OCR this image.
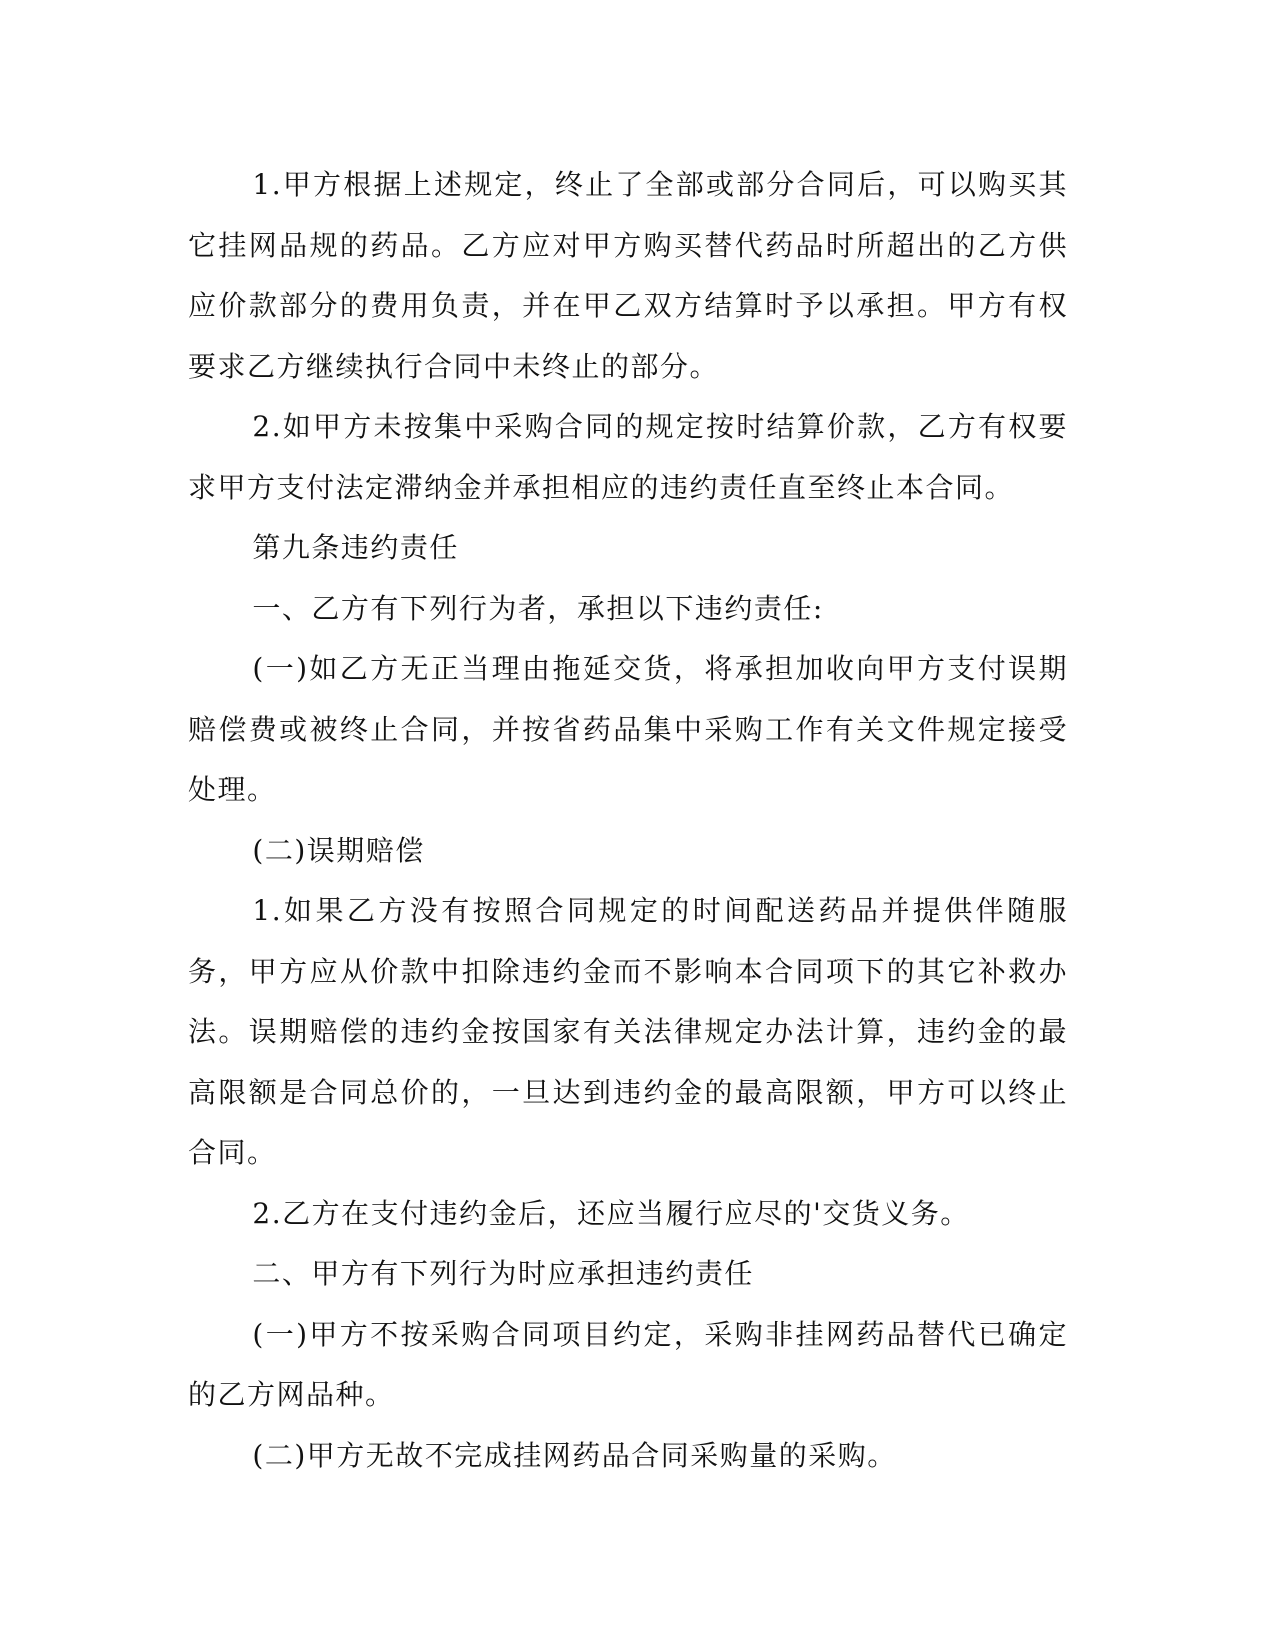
1.甲方根据上述规定，终止了全部或部分合同后，可以购买其它挂网品规的药品。乙方应对甲方购买替代药品时所超出的乙方供应价款部分的费用负责，并在甲乙双方结算时予以承担。甲方有权要求乙方继续执行合同中未终止的部分。

2.如甲方未按集中采购合同的规定按时结算价款，乙方有权要求甲方支付法定滞纳金并承担相应的违约责任直至终止本合同。

第九条违约责任

一、乙方有下列行为者，承担以下违约责任:

(一)如乙方无正当理由拖延交货，将承担加收向甲方支付误期赔偿费或被终止合同，并按省药品集中采购工作有关文件规定接受处理。

(二)误期赔偿

1.如果乙方没有按照合同规定的时间配送药品并提供伴随服务，甲方应从价款中扣除违约金而不影响本合同项下的其它补救办法。误期赔偿的违约金按国家有关法律规定办法计算，违约金的最高限额是合同总价的，一旦达到违约金的最高限额，甲方可以终止合同。

2.乙方在支付违约金后，还应当履行应尽的'交货义务。

二、甲方有下列行为时应承担违约责任

(一)甲方不按采购合同项目约定，采购非挂网药品替代已确定的乙方网品种。

(二)甲方无故不完成挂网药品合同采购量的采购。
